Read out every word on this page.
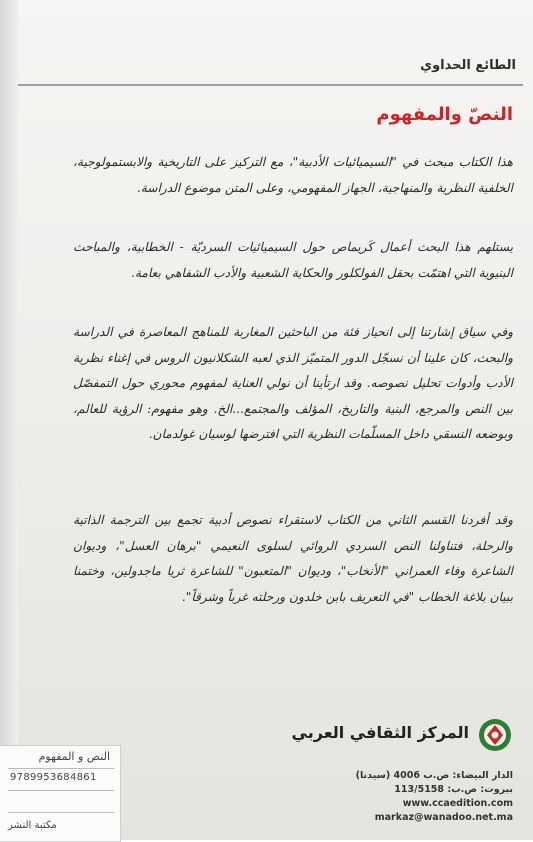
الطائع الحداوي
النصّ والمفهوم
هذا الكتاب مبحث في "السيميائيات الأدبية"، مع التركيز على التاريخية والابستمولوجية، الخلفية النظرية والمنهاجية، الجهاز المفهومي، وعلى المتن موضوع الدراسة.
يستلهم هذا البحث أعمال كَريماص حول السيميائيات السرديّة - الخطابية، والمباحث البنيوية التي اهتمّت بحقل الفولكلور والحكاية الشعبية والأدب الشفاهي بعامة.
وفي سياق إشارتنا إلى انحياز فئة من الباحثين المغاربة للمناهج المعاصرة في الدراسة والبحث، كان علينا أن نسجّل الدور المتميّز الذي لعبه الشكلانيون الروس في إغناء نظرية الأدب وأدوات تحليل نصوصه. وقد ارتأينا أن نولي العناية لمفهوم محوري حول التمفصّل بين النص والمرجع، البنية والتاريخ، المؤلف والمجتمع...الخ. وهو مفهوم: الرؤية للعالم، وبوضعه النسقي داخل المسلّمات النظرية التي افترضها لوسيان غولدمان.
وقد أفردنا القسم الثاني من الكتاب لاستقراء نصوص أدبية تجمع بين الترجمة الذاتية والرحلة، فتناولنا النص السردي الروائي لسلوى النعيمي "برهان العسل"، وديوان الشاعرة وفاء العمراني "الأنخاب"، وديوان "المتعبون" للشاعرة ثريا ماجدولين، وختمنا ببيان بلاغة الخطاب "في التعريف بابن خلدون ورحلته غرباً وشرقاً".
المركز الثقافي العربي
الدار البيضاء: ص.ب 4006 (سيدنا)
بيروت: ص.ب: 113/5158
www.ccaedition.com
markaz@wanadoo.net.ma
النص و المفهوم
9789953684861
مكتبة النشر
